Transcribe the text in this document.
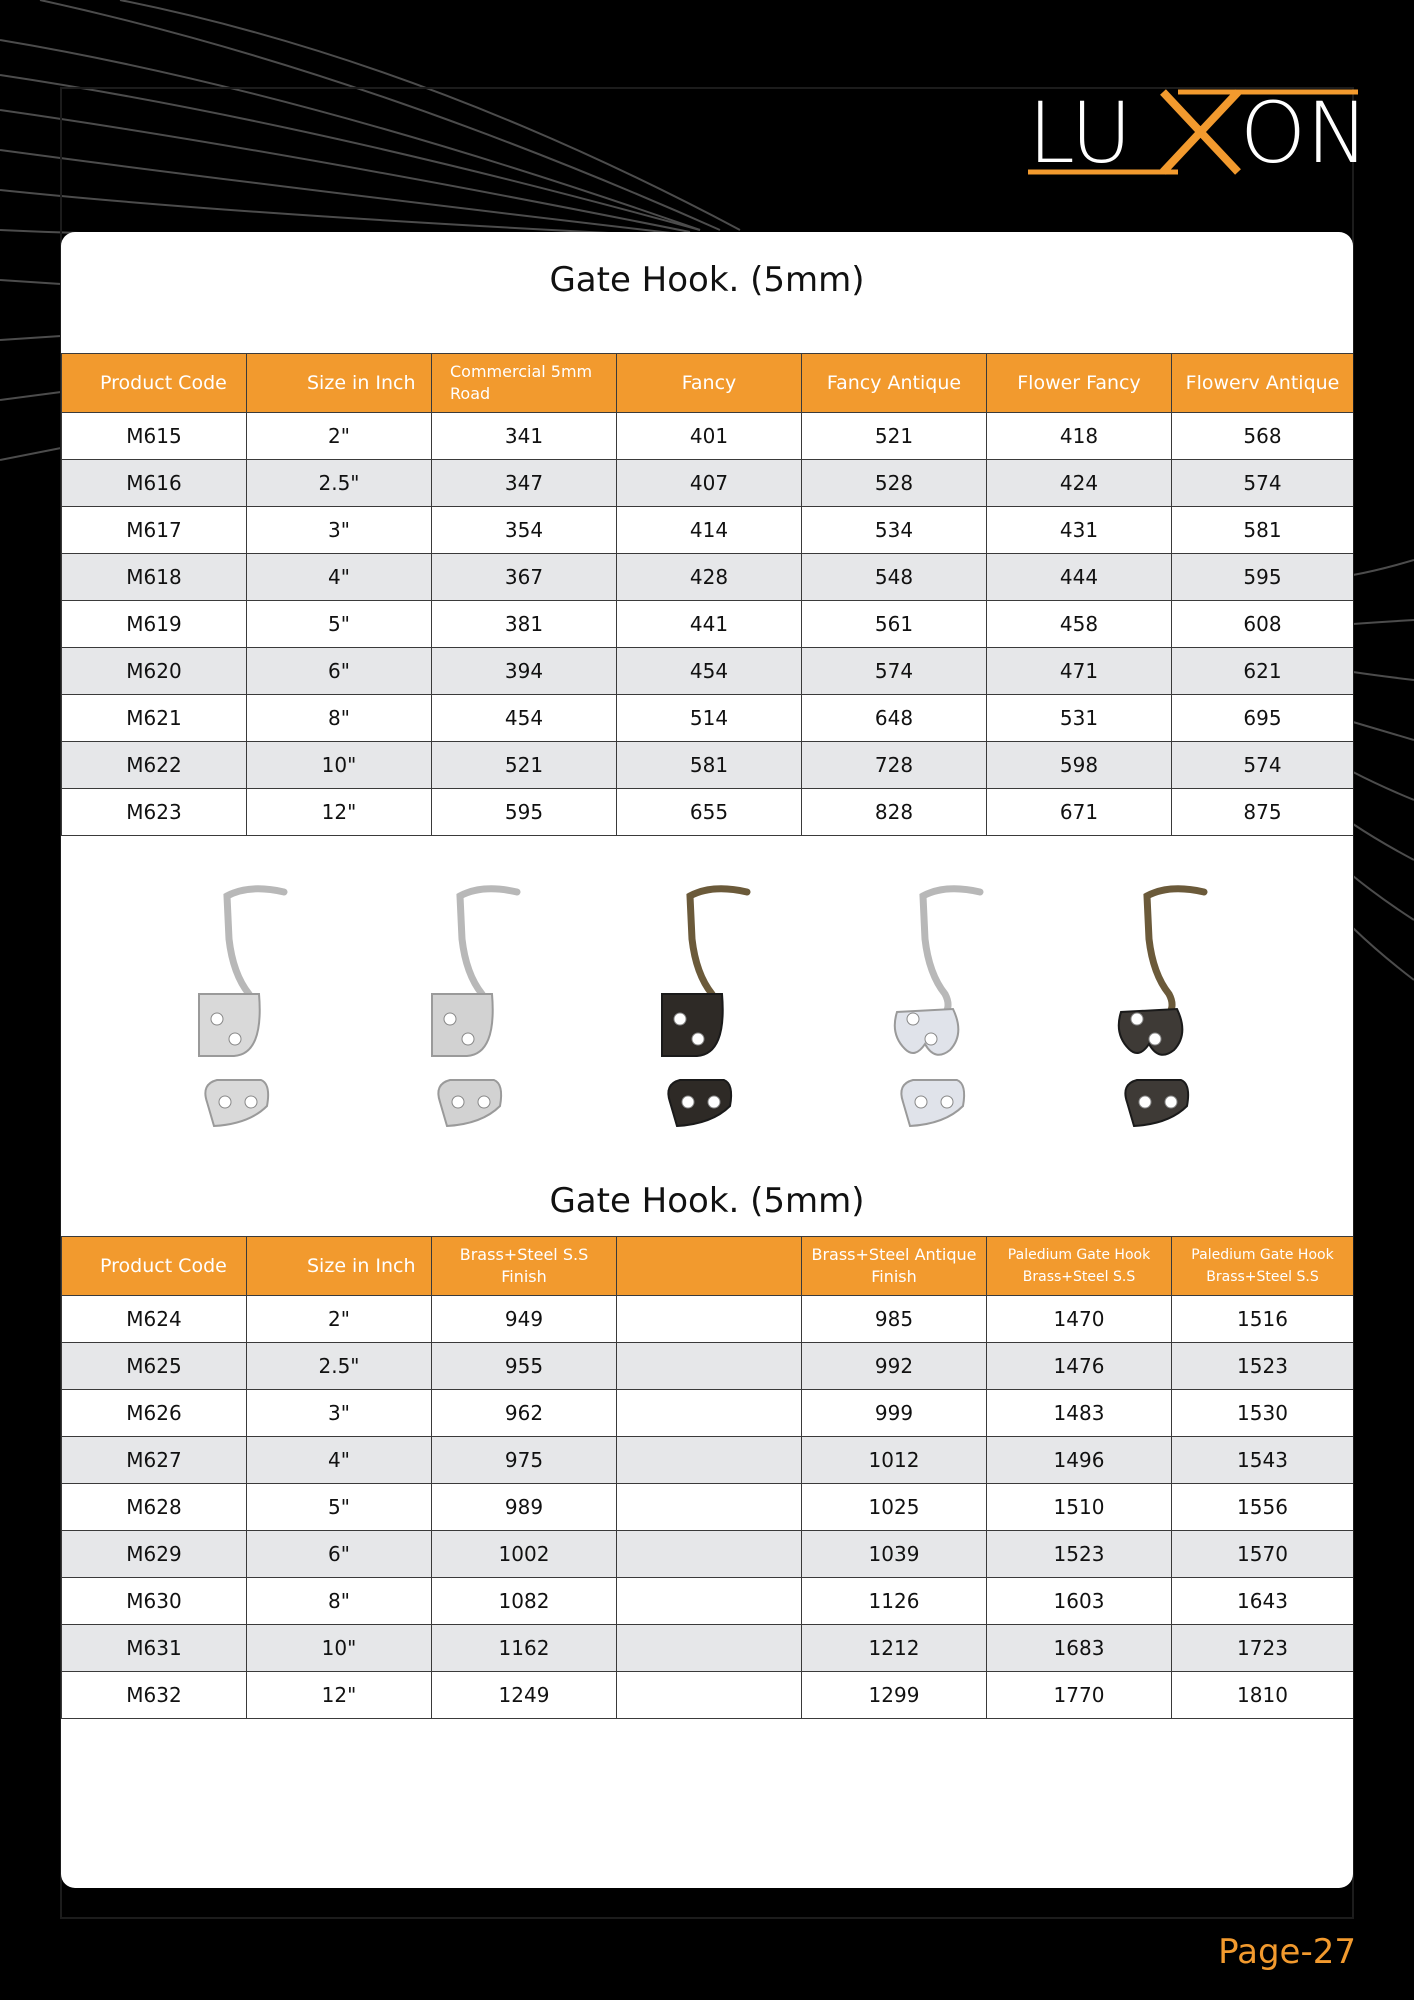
LU ON
Gate Hook. (5mm)
Product Code	Size in Inch	Commercial 5mm Road	Fancy	Fancy Antique	Flower Fancy	Flowerv Antique
M615	2"	341	401	521	418	568
M616	2.5"	347	407	528	424	574
M617	3"	354	414	534	431	581
M618	4"	367	428	548	444	595
M619	5"	381	441	561	458	608
M620	6"	394	454	574	471	621
M621	8"	454	514	648	531	695
M622	10"	521	581	728	598	574
M623	12"	595	655	828	671	875
Gate Hook. (5mm)
Product Code	Size in Inch	Brass+Steel S.S Finish		Brass+Steel Antique Finish	Paledium Gate Hook Brass+Steel S.S	Paledium Gate Hook Brass+Steel S.S
M624	2"	949		985	1470	1516
M625	2.5"	955		992	1476	1523
M626	3"	962		999	1483	1530
M627	4"	975		1012	1496	1543
M628	5"	989		1025	1510	1556
M629	6"	1002		1039	1523	1570
M630	8"	1082		1126	1603	1643
M631	10"	1162		1212	1683	1723
M632	12"	1249		1299	1770	1810
Page-27
